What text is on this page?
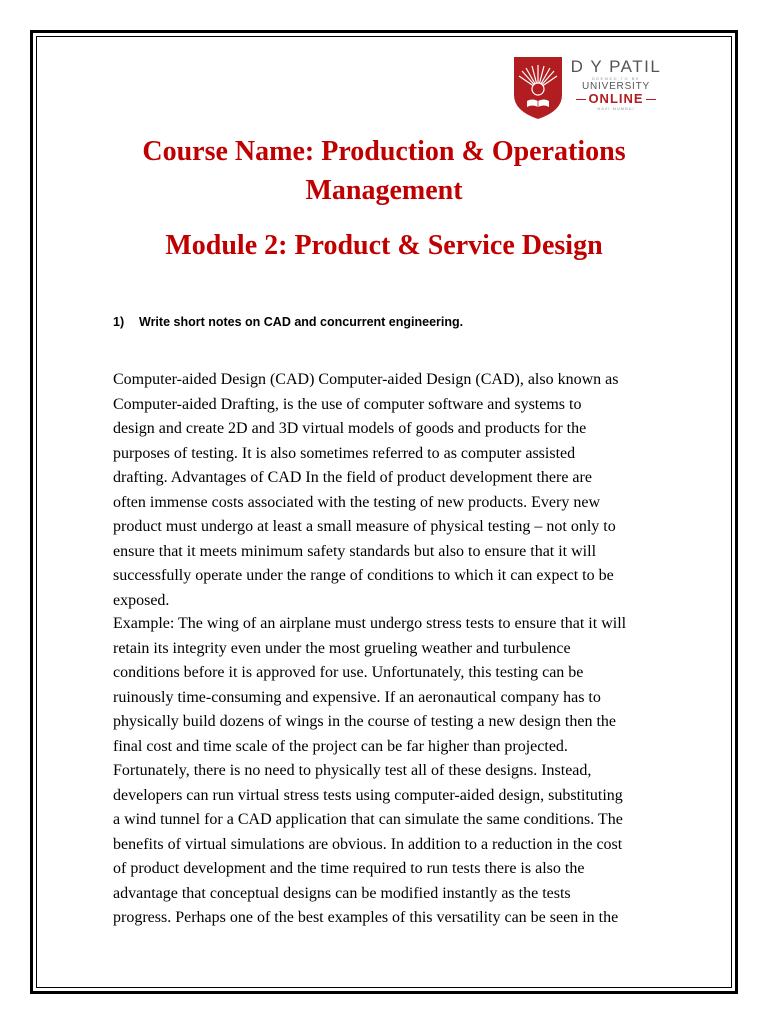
D Y PATIL
DEEMED TO BE
UNIVERSITY
ONLINE
NAVI MUMBAI
Course Name: Production & Operations
Management
Module 2: Product & Service Design

1) Write short notes on CAD and concurrent engineering.

Computer-aided Design (CAD) Computer-aided Design (CAD), also known as
Computer-aided Drafting, is the use of computer software and systems to
design and create 2D and 3D virtual models of goods and products for the
purposes of testing. It is also sometimes referred to as computer assisted
drafting. Advantages of CAD In the field of product development there are
often immense costs associated with the testing of new products. Every new
product must undergo at least a small measure of physical testing – not only to
ensure that it meets minimum safety standards but also to ensure that it will
successfully operate under the range of conditions to which it can expect to be
exposed.

Example: The wing of an airplane must undergo stress tests to ensure that it will
retain its integrity even under the most grueling weather and turbulence
conditions before it is approved for use. Unfortunately, this testing can be
ruinously time-consuming and expensive. If an aeronautical company has to
physically build dozens of wings in the course of testing a new design then the
final cost and time scale of the project can be far higher than projected.
Fortunately, there is no need to physically test all of these designs. Instead,
developers can run virtual stress tests using computer-aided design, substituting
a wind tunnel for a CAD application that can simulate the same conditions. The
benefits of virtual simulations are obvious. In addition to a reduction in the cost
of product development and the time required to run tests there is also the
advantage that conceptual designs can be modified instantly as the tests
progress. Perhaps one of the best examples of this versatility can be seen in the
